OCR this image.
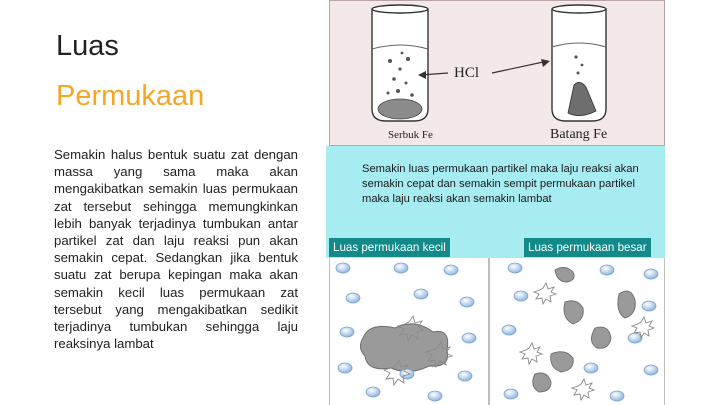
Luas
Permukaan
Semakin halus bentuk suatu zat dengan massa yang sama maka akan mengakibatkan semakin luas permukaan zat tersebut sehingga memungkinkan lebih banyak terjadinya tumbukan antar partikel zat dan laju reaksi pun akan semakin cepat. Sedangkan jika bentuk suatu zat berupa kepingan maka akan semakin kecil luas permukaan zat tersebut yang mengakibatkan sedikit terjadinya tumbukan sehingga laju reaksinya lambat
HCl
Serbuk Fe	Batang Fe
Semakin luas permukaan partikel maka laju reaksi akan semakin cepat dan semakin sempit permukaan partikel maka laju reaksi akan semakin lambat
Luas permukaan kecil	Luas permukaan besar
